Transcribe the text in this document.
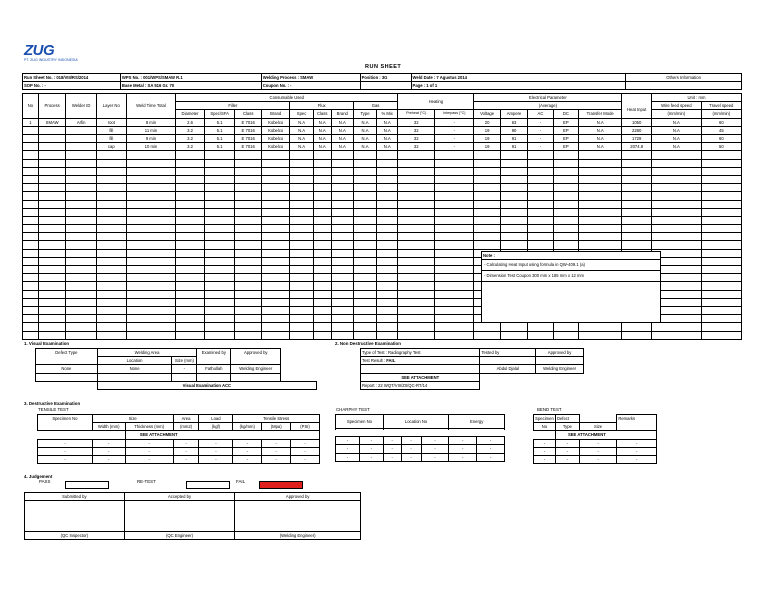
ZUG
PT. ZUG INDUSTRY INDONESIA
RUN SHEET
Run Sheet No. : 018/VIII/RS/2014	WPS No. : 001/WPS/SMAW R.1	Welding Process : SMAW	Position : 3G	Weld Date : 7 Agustus 2014	Others Information
SOP No. : -	Base Metal : SA 516 Gr. 70	Coupon No. : -		Page : 1 of 1	
No	Process	Welder ID	Layer No	Weld Time Total	Consumable Used									Heating		Electrical Parameter						Unit : mm	
					Filler				Flux			Gas				(Average)					Heat Input	Wire feed speed	Travel speed
					Diameter	Spec/SFA	Class	Brand	Spec	Class	Brand	Type	% Mix	Preheat (°C)	Interpass (°C)	Voltage	Ampere	AC	DC	Transfer Mode		(mm/min)	(mm/min)
1	SMAW	Arfin	root	8 min	2.6	5.1	E 7016	Kobelco	N.A	N.A	N.A	N.A	N.A	32	-	20	63	-	EP	N.A	1050	N.A	60
			fill	11 min	3.2	5.1	E 7016	Kobelco	N.A	N.A	N.A	N.A	N.A	32	-	19	90	-	EP	N.A	2280	N.A	45
			fill	9 min	3.2	5.1	E 7016	Kobelco	N.A	N.A	N.A	N.A	N.A	32	-	19	91	-	EP	N.A	1729	N.A	60
			cap	10 min	3.2	5.1	E 7016	Kobelco	N.A	N.A	N.A	N.A	N.A	32	-	19	91	-	EP	N.A	2074.8	N.A	50

Note :
- Calculating Heat Input using formula in QW-409.1 (a)
- Dimension Test Coupon 300 mm x 185 mm x 12 mm
1. Visual Examination
Defect Type	Welding Area		Examined by	Approved by	
	Location	Size (mm)			
None	None	-	Fathullah	Welding Engineer	

	Visual Examination ACC				
2. Non Destructive Examination
Type of Test : Radiography Test	Tested by	Approved by
Test Result : FAIL		
	Abdul Djalal	Welding Engineer
SEE ATTACHMENT		
Report : 22 WQT/VIII/ZII/QC-RT/14		
3. Destructive Examination
TENSILE TEST
Specimen No	Size		Area	Load	Tensile Stress		
	Width (mm)	Thickness (mm)	(mm2)	(kgf)	(kg/mm)	(Mpa)	(PSI)
		SEE ATTACHMENT					
-	-	-	-	-	-	-	-
-	-	-	-	-	-	-	-
-	-	-	-	-	-	-	-
CHARPHY TEST
Specimen No		Location No			Energy	

-	-	-	-	-	-	-
-	-	-	-	-	-	-
-	-	-	-	-	-	-
BEND TEST
Specimen	Defect		Remarks
No	Type	Size	
	SEE ATTACHMENT		
-	-	-	-
-	-	-	-
-	-	-	-
4. Judgement
PASS	RE-TEST	FAIL
Submitted by	Accepted by	Approved by

(QC Inspector)	(QC Engineer)	(Welding Engineer)
